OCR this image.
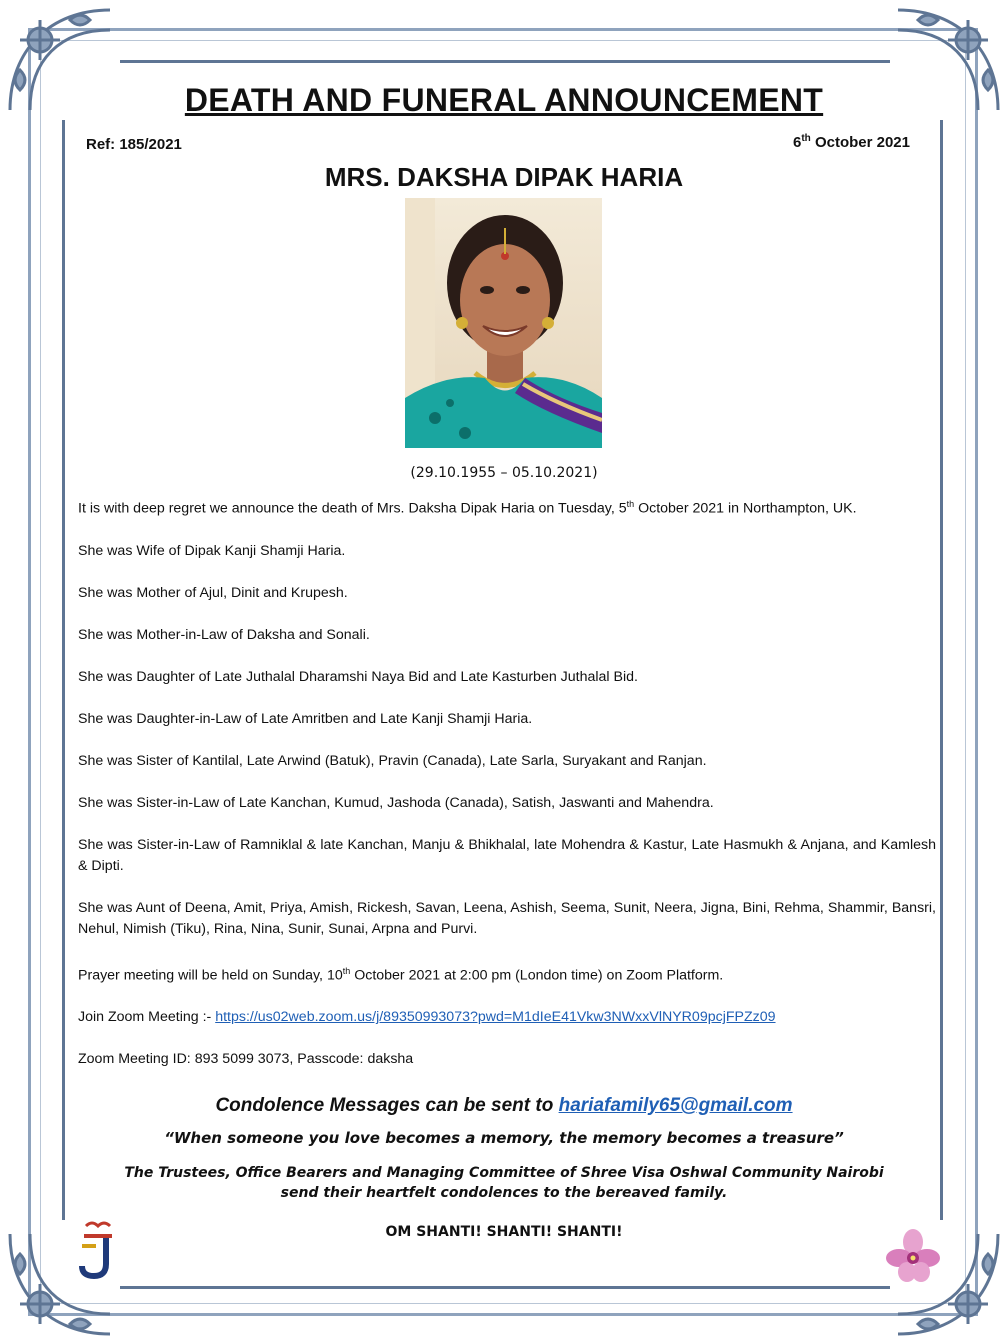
DEATH AND FUNERAL ANNOUNCEMENT
Ref: 185/2021	6th October 2021
MRS. DAKSHA DIPAK HARIA
(29.10.1955 – 05.10.2021)

It is with deep regret we announce the death of Mrs. Daksha Dipak Haria on Tuesday, 5th October 2021 in Northampton, UK.

She was Wife of Dipak Kanji Shamji Haria.

She was Mother of Ajul, Dinit and Krupesh.

She was Mother-in-Law of Daksha and Sonali.

She was Daughter of Late Juthalal Dharamshi Naya Bid and Late Kasturben Juthalal Bid.

She was Daughter-in-Law of Late Amritben and Late Kanji Shamji Haria.

She was Sister of Kantilal, Late Arwind (Batuk), Pravin (Canada), Late Sarla, Suryakant and Ranjan.

She was Sister-in-Law of Late Kanchan, Kumud, Jashoda (Canada), Satish, Jaswanti and Mahendra.

She was Sister-in-Law of Ramniklal & late Kanchan, Manju & Bhikhalal, late Mohendra & Kastur, Late Hasmukh & Anjana, and Kamlesh & Dipti.

She was Aunt of Deena, Amit, Priya, Amish, Rickesh, Savan, Leena, Ashish, Seema, Sunit, Neera, Jigna, Bini, Rehma, Shammir, Bansri, Nehul, Nimish (Tiku), Rina, Nina, Sunir, Sunai, Arpna and Purvi.

Prayer meeting will be held on Sunday, 10th October 2021 at 2:00 pm (London time) on Zoom Platform.

Join Zoom Meeting :- https://us02web.zoom.us/j/89350993073?pwd=M1dIeE41Vkw3NWxxVlNYR09pcjFPZz09

Zoom Meeting ID: 893 5099 3073, Passcode: daksha

Condolence Messages can be sent to hariafamily65@gmail.com
“When someone you love becomes a memory, the memory becomes a treasure”
The Trustees, Office Bearers and Managing Committee of Shree Visa Oshwal Community Nairobi
send their heartfelt condolences to the bereaved family.
OM SHANTI! SHANTI! SHANTI!
